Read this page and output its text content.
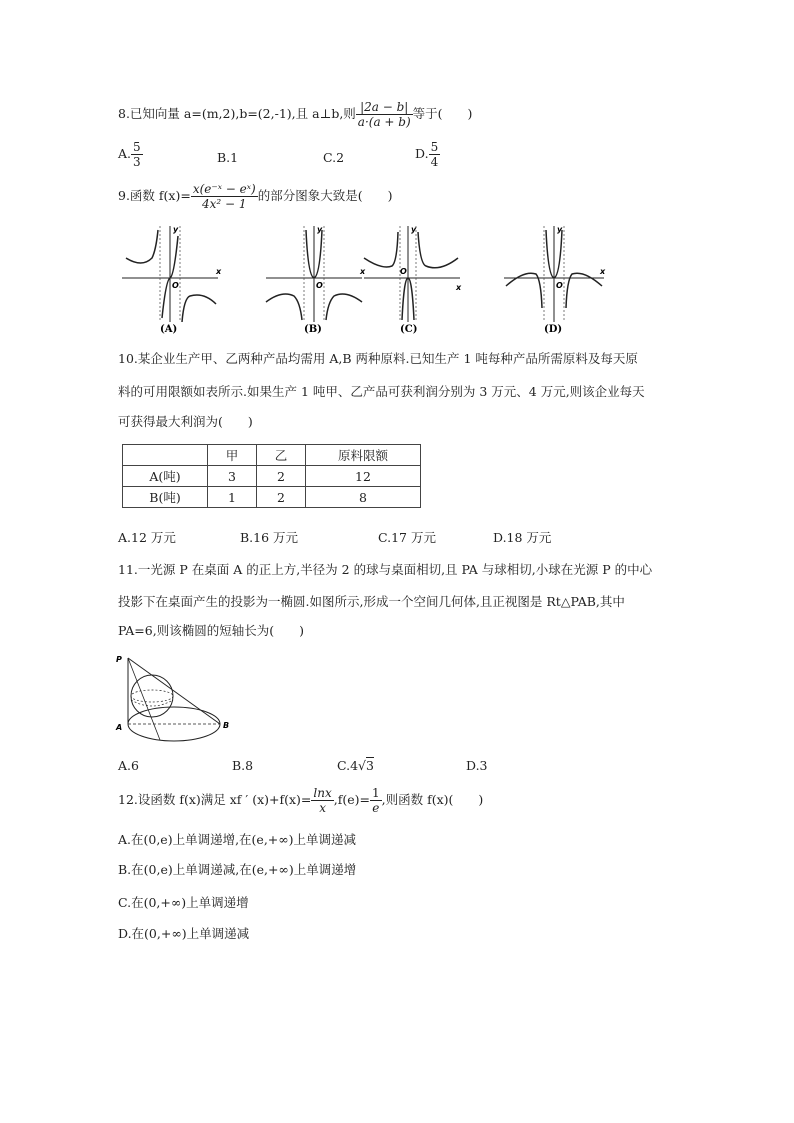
8.已知向量 a=(m,2),b=(2,-1),且 a⊥b,则 $\frac{|2a - b|}{a\cdot(a + b)}$ 等于(　　)
A. $\frac{5}{3}$	B.1	C.2	D. $\frac{5}{4}$
9.函数 $f(x)= \frac{\text{x(e⁻ˣ − eˣ)}}{\text{4x² − 1}}$ 的部分图象大致是(　　)
y
x
O
(A)
y
x
O
(B)
y
x
O
(C)
y
x
O
(D)
10.某企业生产甲、乙两种产品均需用 A,B 两种原料.已知生产 1 吨每种产品所需原料及每天原
料的可用限额如表所示.如果生产 1 吨甲、乙产品可获利润分别为 3 万元、4 万元,则该企业每天
可获得最大利润为(　　)
	甲	乙	原料限额
A(吨)	3	2	12
B(吨)	1	2	8
A.12 万元	B.16 万元	C.17 万元	D.18 万元
11.一光源 P 在桌面 A 的正上方,半径为 2 的球与桌面相切,且 PA 与球相切,小球在光源 P 的中心
投影下在桌面产生的投影为一椭圆.如图所示,形成一个空间几何体,且正视图是 Rt△PAB,其中
PA=6,则该椭圆的短轴长为(　　)
P
A	B
A.6	B.8	C.4√3	D.3
12.设函数 f(x)满足 xf ′ $(x)+f(x)= \frac{\ln x}{x} ,f(e)= \frac{1}{e}$ ,则函数 f(x)(　　)
A.在(0,e)上单调递增,在(e,+∞)上单调递减
B.在(0,e)上单调递减,在(e,+∞)上单调递增
C.在(0,+∞)上单调递增
D.在(0,+∞)上单调递减
